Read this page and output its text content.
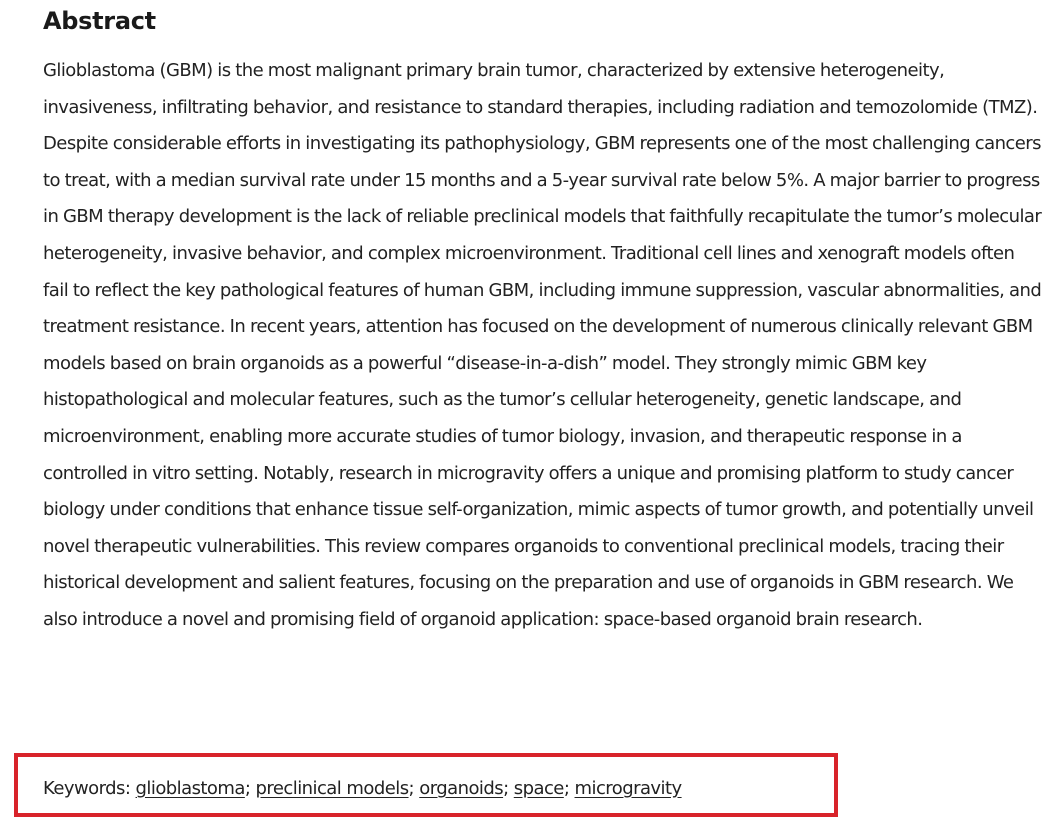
Abstract

Glioblastoma (GBM) is the most malignant primary brain tumor, characterized by extensive heterogeneity, invasiveness, infiltrating behavior, and resistance to standard therapies, including radiation and temozolomide (TMZ). Despite considerable efforts in investigating its pathophysiology, GBM represents one of the most challenging cancers to treat, with a median survival rate under 15 months and a 5-year survival rate below 5%. A major barrier to progress in GBM therapy development is the lack of reliable preclinical models that faithfully recapitulate the tumor’s molecular heterogeneity, invasive behavior, and complex microenvironment. Traditional cell lines and xenograft models often fail to reflect the key pathological features of human GBM, including immune suppression, vascular abnormalities, and treatment resistance. In recent years, attention has focused on the development of numerous clinically relevant GBM models based on brain organoids as a powerful “disease-in-a-dish” model. They strongly mimic GBM key histopathological and molecular features, such as the tumor’s cellular heterogeneity, genetic landscape, and microenvironment, enabling more accurate studies of tumor biology, invasion, and therapeutic response in a controlled in vitro setting. Notably, research in microgravity offers a unique and promising platform to study cancer biology under conditions that enhance tissue self-organization, mimic aspects of tumor growth, and potentially unveil novel therapeutic vulnerabilities. This review compares organoids to conventional preclinical models, tracing their historical development and salient features, focusing on the preparation and use of organoids in GBM research. We also introduce a novel and promising field of organoid application: space-based organoid brain research.

Keywords: glioblastoma; preclinical models; organoids; space; microgravity
